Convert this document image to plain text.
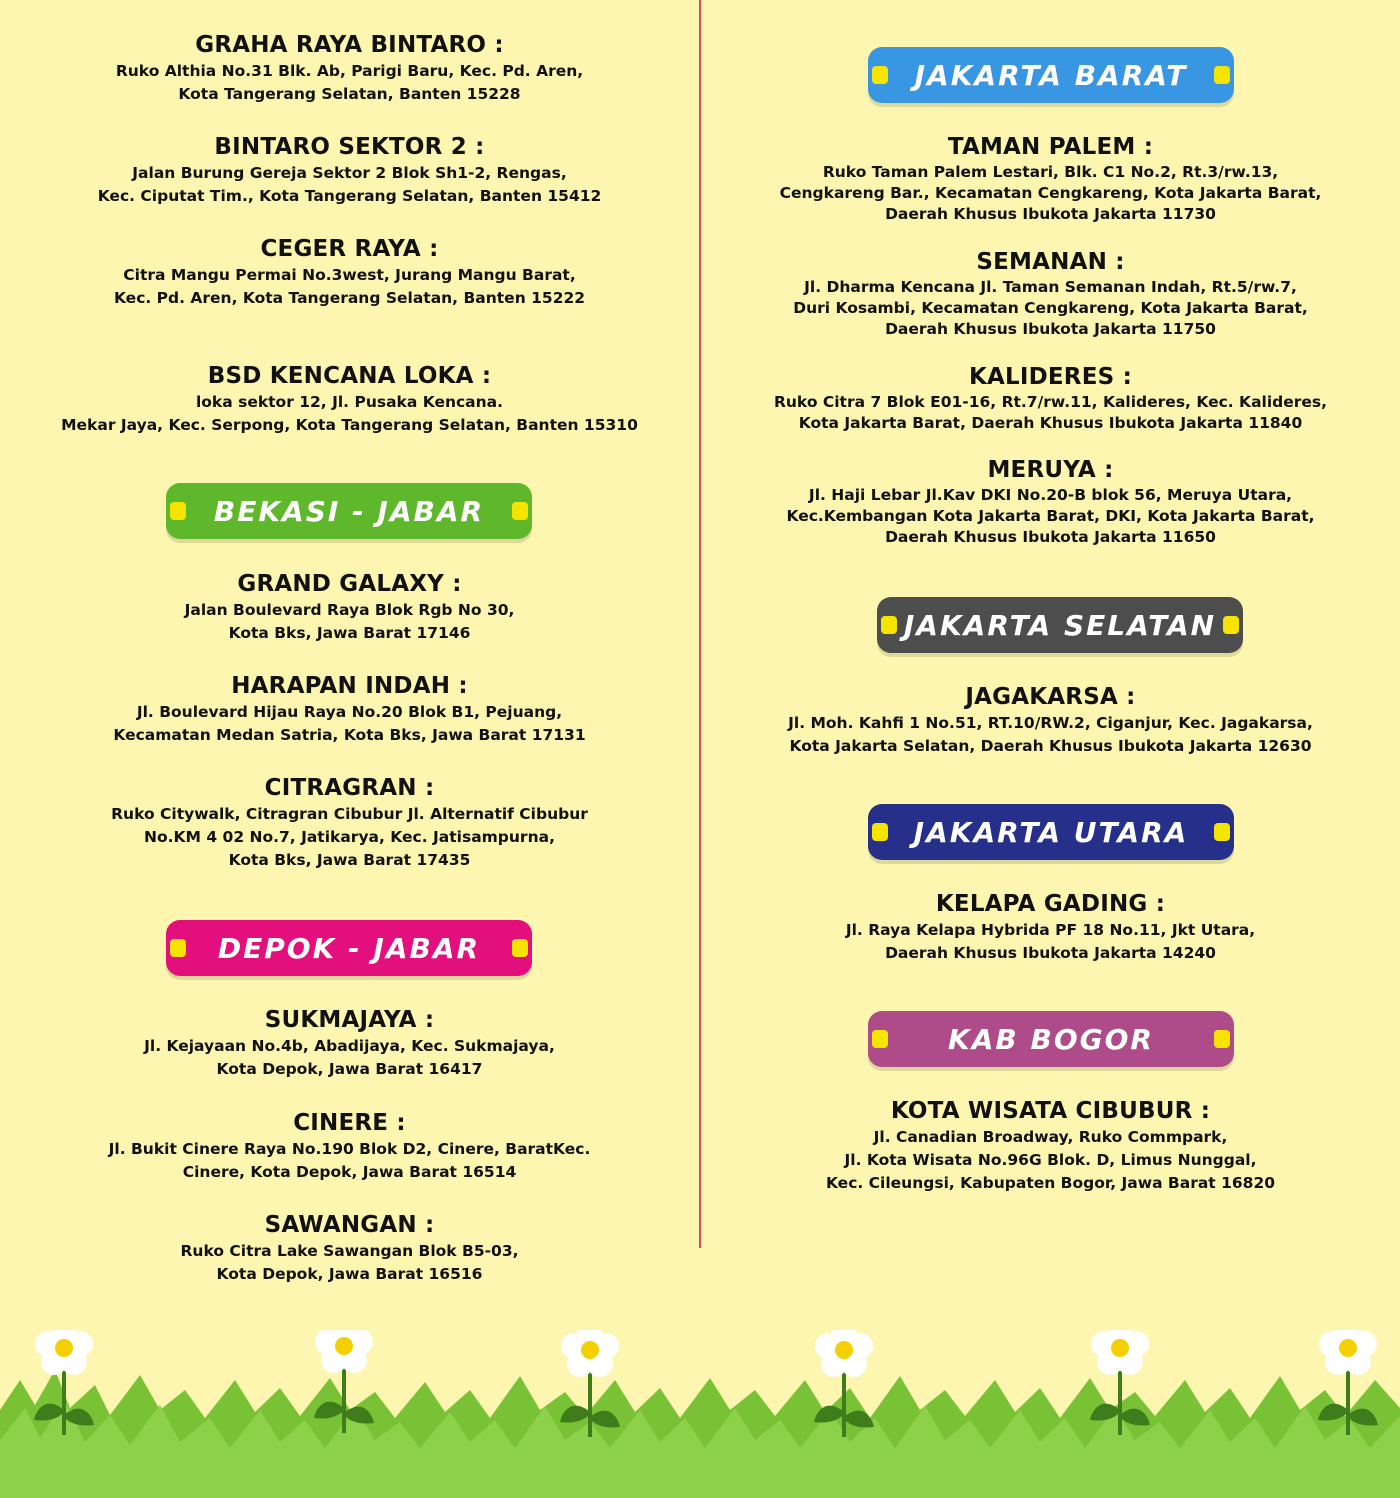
GRAHA RAYA BINTARO :
Ruko Althia No.31 Blk. Ab, Parigi Baru, Kec. Pd. Aren,
Kota Tangerang Selatan, Banten 15228
BINTARO SEKTOR 2 :
Jalan Burung Gereja Sektor 2 Blok Sh1-2, Rengas,
Kec. Ciputat Tim., Kota Tangerang Selatan, Banten 15412
CEGER RAYA :
Citra Mangu Permai No.3west, Jurang Mangu Barat,
Kec. Pd. Aren, Kota Tangerang Selatan, Banten 15222
BSD KENCANA LOKA :
loka sektor 12, Jl. Pusaka Kencana.
Mekar Jaya, Kec. Serpong, Kota Tangerang Selatan, Banten 15310
BEKASI - JABAR
GRAND GALAXY :
Jalan Boulevard Raya Blok Rgb No 30,
Kota Bks, Jawa Barat 17146
HARAPAN INDAH :
Jl. Boulevard Hijau Raya No.20 Blok B1, Pejuang,
Kecamatan Medan Satria, Kota Bks, Jawa Barat 17131
CITRAGRAN :
Ruko Citywalk, Citragran Cibubur Jl. Alternatif Cibubur
No.KM 4 02 No.7, Jatikarya, Kec. Jatisampurna,
Kota Bks, Jawa Barat 17435
DEPOK - JABAR
SUKMAJAYA :
Jl. Kejayaan No.4b, Abadijaya, Kec. Sukmajaya,
Kota Depok, Jawa Barat 16417
CINERE :
Jl. Bukit Cinere Raya No.190 Blok D2, Cinere, BaratKec.
Cinere, Kota Depok, Jawa Barat 16514
SAWANGAN :
Ruko Citra Lake Sawangan Blok B5-03,
Kota Depok, Jawa Barat 16516
JAKARTA BARAT
TAMAN PALEM :
Ruko Taman Palem Lestari, Blk. C1 No.2, Rt.3/rw.13,
Cengkareng Bar., Kecamatan Cengkareng, Kota Jakarta Barat,
Daerah Khusus Ibukota Jakarta 11730
SEMANAN :
Jl. Dharma Kencana Jl. Taman Semanan Indah, Rt.5/rw.7,
Duri Kosambi, Kecamatan Cengkareng, Kota Jakarta Barat,
Daerah Khusus Ibukota Jakarta 11750
KALIDERES :
Ruko Citra 7 Blok E01-16, Rt.7/rw.11, Kalideres, Kec. Kalideres,
Kota Jakarta Barat, Daerah Khusus Ibukota Jakarta 11840
MERUYA :
Jl. Haji Lebar Jl.Kav DKI No.20-B blok 56, Meruya Utara,
Kec.Kembangan Kota Jakarta Barat, DKI, Kota Jakarta Barat,
Daerah Khusus Ibukota Jakarta 11650
JAKARTA SELATAN
JAGAKARSA :
Jl. Moh. Kahfi 1 No.51, RT.10/RW.2, Ciganjur, Kec. Jagakarsa,
Kota Jakarta Selatan, Daerah Khusus Ibukota Jakarta 12630
JAKARTA UTARA
KELAPA GADING :
Jl. Raya Kelapa Hybrida PF 18 No.11, Jkt Utara,
Daerah Khusus Ibukota Jakarta 14240
KAB BOGOR
KOTA WISATA CIBUBUR :
Jl. Canadian Broadway, Ruko Commpark,
Jl. Kota Wisata No.96G Blok. D, Limus Nunggal,
Kec. Cileungsi, Kabupaten Bogor, Jawa Barat 16820
